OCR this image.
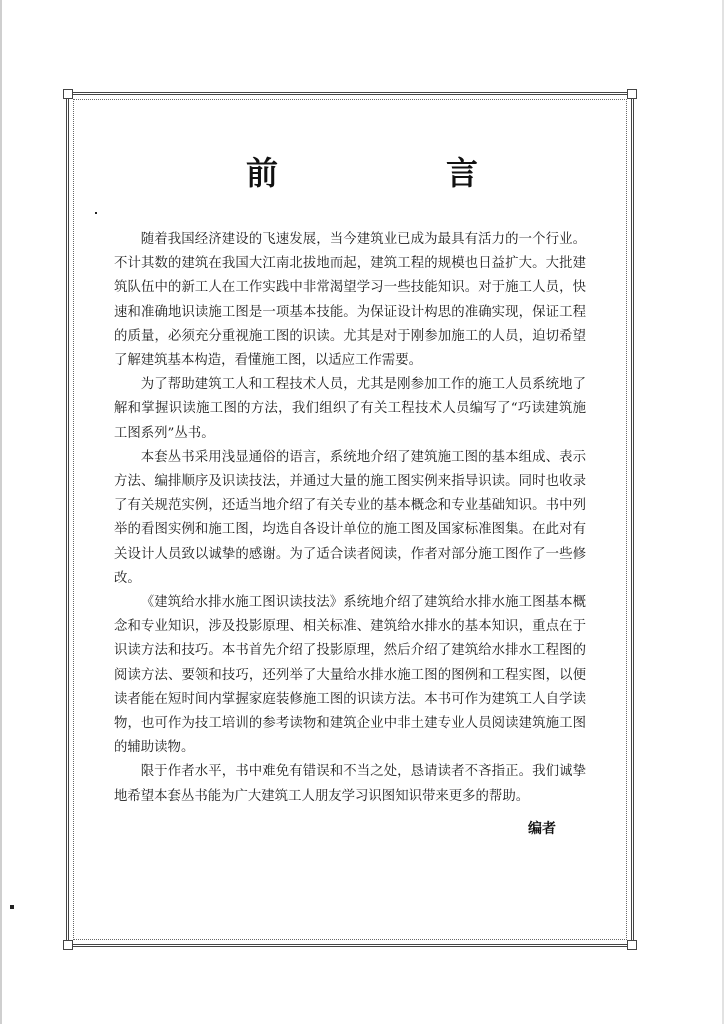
前　言

随着我国经济建设的飞速发展，当今建筑业已成为最具有活力的一个行业。不计其数的建筑在我国大江南北拔地而起，建筑工程的规模也日益扩大。大批建筑队伍中的新工人在工作实践中非常渴望学习一些技能知识。对于施工人员，快速和准确地识读施工图是一项基本技能。为保证设计构思的准确实现，保证工程的质量，必须充分重视施工图的识读。尤其是对于刚参加施工的人员，迫切希望了解建筑基本构造，看懂施工图，以适应工作需要。

为了帮助建筑工人和工程技术人员，尤其是刚参加工作的施工人员系统地了解和掌握识读施工图的方法，我们组织了有关工程技术人员编写了“巧读建筑施工图系列”丛书。

本套丛书采用浅显通俗的语言，系统地介绍了建筑施工图的基本组成、表示方法、编排顺序及识读技法，并通过大量的施工图实例来指导识读。同时也收录了有关规范实例，还适当地介绍了有关专业的基本概念和专业基础知识。书中列举的看图实例和施工图，均选自各设计单位的施工图及国家标准图集。在此对有关设计人员致以诚挚的感谢。为了适合读者阅读，作者对部分施工图作了一些修改。

《建筑给水排水施工图识读技法》系统地介绍了建筑给水排水施工图基本概念和专业知识，涉及投影原理、相关标准、建筑给水排水的基本知识，重点在于识读方法和技巧。本书首先介绍了投影原理，然后介绍了建筑给水排水工程图的阅读方法、要领和技巧，还列举了大量给水排水施工图的图例和工程实图，以便读者能在短时间内掌握家庭装修施工图的识读方法。本书可作为建筑工人自学读物，也可作为技工培训的参考读物和建筑企业中非土建专业人员阅读建筑施工图的辅助读物。

限于作者水平，书中难免有错误和不当之处，恳请读者不吝指正。我们诚挚地希望本套丛书能为广大建筑工人朋友学习识图知识带来更多的帮助。

编者
